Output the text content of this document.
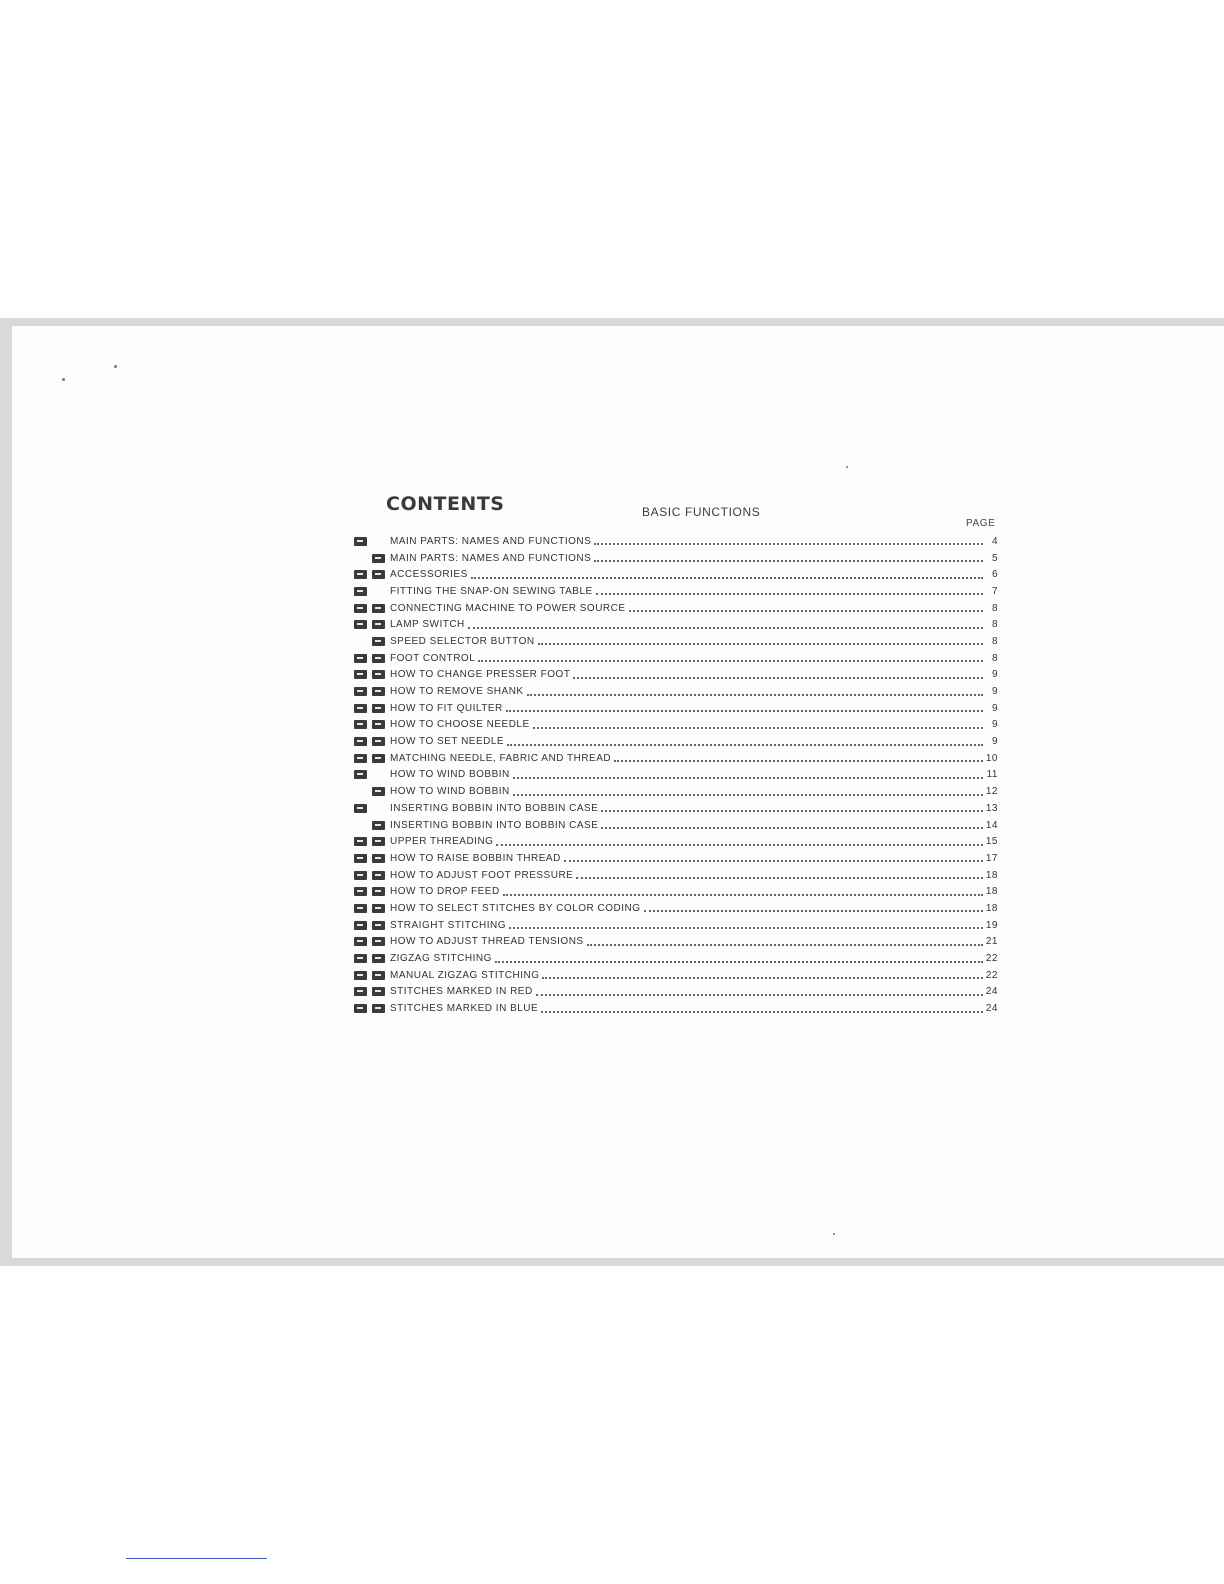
CONTENTS	BASIC FUNCTIONS
PAGE
MAIN PARTS: NAMES AND FUNCTIONS	4
MAIN PARTS: NAMES AND FUNCTIONS	5
ACCESSORIES	6
FITTING THE SNAP-ON SEWING TABLE	7
CONNECTING MACHINE TO POWER SOURCE	8
LAMP SWITCH	8
SPEED SELECTOR BUTTON	8
FOOT CONTROL	8
HOW TO CHANGE PRESSER FOOT	9
HOW TO REMOVE SHANK	9
HOW TO FIT QUILTER	9
HOW TO CHOOSE NEEDLE	9
HOW TO SET NEEDLE	9
MATCHING NEEDLE, FABRIC AND THREAD	10
HOW TO WIND BOBBIN	11
HOW TO WIND BOBBIN	12
INSERTING BOBBIN INTO BOBBIN CASE	13
INSERTING BOBBIN INTO BOBBIN CASE	14
UPPER THREADING	15
HOW TO RAISE BOBBIN THREAD	17
HOW TO ADJUST FOOT PRESSURE	18
HOW TO DROP FEED	18
HOW TO SELECT STITCHES BY COLOR CODING	18
STRAIGHT STITCHING	19
HOW TO ADJUST THREAD TENSIONS	21
ZIGZAG STITCHING	22
MANUAL ZIGZAG STITCHING	22
STITCHES MARKED IN RED	24
STITCHES MARKED IN BLUE	24
